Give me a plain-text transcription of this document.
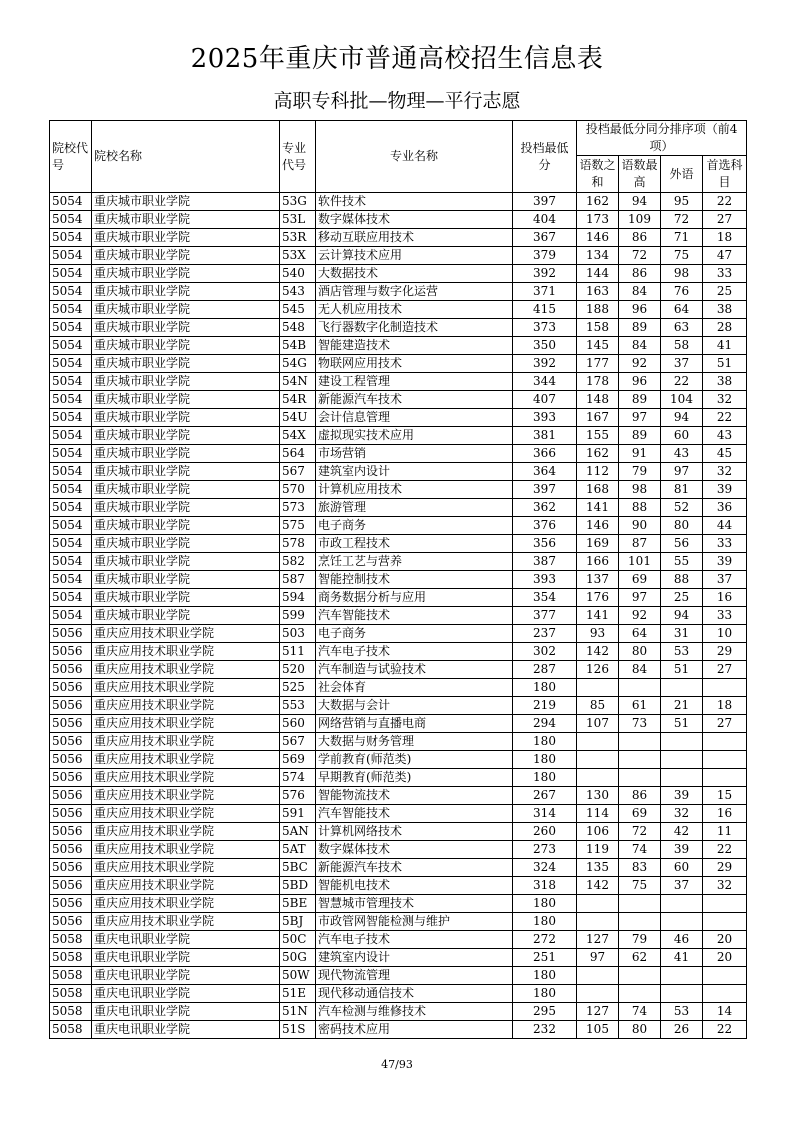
2025年重庆市普通高校招生信息表
高职专科批—物理—平行志愿
院校代号	院校名称	专业代号	专业名称	投档最低分	投档最低分同分排序项（前4项）			
					语数之和	语数最高	外语	首选科目
5054	重庆城市职业学院	53G	软件技术	397	162	94	95	22
5054	重庆城市职业学院	53L	数字媒体技术	404	173	109	72	27
5054	重庆城市职业学院	53R	移动互联应用技术	367	146	86	71	18
5054	重庆城市职业学院	53X	云计算技术应用	379	134	72	75	47
5054	重庆城市职业学院	540	大数据技术	392	144	86	98	33
5054	重庆城市职业学院	543	酒店管理与数字化运营	371	163	84	76	25
5054	重庆城市职业学院	545	无人机应用技术	415	188	96	64	38
5054	重庆城市职业学院	548	飞行器数字化制造技术	373	158	89	63	28
5054	重庆城市职业学院	54B	智能建造技术	350	145	84	58	41
5054	重庆城市职业学院	54G	物联网应用技术	392	177	92	37	51
5054	重庆城市职业学院	54N	建设工程管理	344	178	96	22	38
5054	重庆城市职业学院	54R	新能源汽车技术	407	148	89	104	32
5054	重庆城市职业学院	54U	会计信息管理	393	167	97	94	22
5054	重庆城市职业学院	54X	虚拟现实技术应用	381	155	89	60	43
5054	重庆城市职业学院	564	市场营销	366	162	91	43	45
5054	重庆城市职业学院	567	建筑室内设计	364	112	79	97	32
5054	重庆城市职业学院	570	计算机应用技术	397	168	98	81	39
5054	重庆城市职业学院	573	旅游管理	362	141	88	52	36
5054	重庆城市职业学院	575	电子商务	376	146	90	80	44
5054	重庆城市职业学院	578	市政工程技术	356	169	87	56	33
5054	重庆城市职业学院	582	烹饪工艺与营养	387	166	101	55	39
5054	重庆城市职业学院	587	智能控制技术	393	137	69	88	37
5054	重庆城市职业学院	594	商务数据分析与应用	354	176	97	25	16
5054	重庆城市职业学院	599	汽车智能技术	377	141	92	94	33
5056	重庆应用技术职业学院	503	电子商务	237	93	64	31	10
5056	重庆应用技术职业学院	511	汽车电子技术	302	142	80	53	29
5056	重庆应用技术职业学院	520	汽车制造与试验技术	287	126	84	51	27
5056	重庆应用技术职业学院	525	社会体育	180				
5056	重庆应用技术职业学院	553	大数据与会计	219	85	61	21	18
5056	重庆应用技术职业学院	560	网络营销与直播电商	294	107	73	51	27
5056	重庆应用技术职业学院	567	大数据与财务管理	180				
5056	重庆应用技术职业学院	569	学前教育(师范类)	180				
5056	重庆应用技术职业学院	574	早期教育(师范类)	180				
5056	重庆应用技术职业学院	576	智能物流技术	267	130	86	39	15
5056	重庆应用技术职业学院	591	汽车智能技术	314	114	69	32	16
5056	重庆应用技术职业学院	5AN	计算机网络技术	260	106	72	42	11
5056	重庆应用技术职业学院	5AT	数字媒体技术	273	119	74	39	22
5056	重庆应用技术职业学院	5BC	新能源汽车技术	324	135	83	60	29
5056	重庆应用技术职业学院	5BD	智能机电技术	318	142	75	37	32
5056	重庆应用技术职业学院	5BE	智慧城市管理技术	180				
5056	重庆应用技术职业学院	5BJ	市政管网智能检测与维护	180				
5058	重庆电讯职业学院	50C	汽车电子技术	272	127	79	46	20
5058	重庆电讯职业学院	50G	建筑室内设计	251	97	62	41	20
5058	重庆电讯职业学院	50W	现代物流管理	180				
5058	重庆电讯职业学院	51E	现代移动通信技术	180				
5058	重庆电讯职业学院	51N	汽车检测与维修技术	295	127	74	53	14
5058	重庆电讯职业学院	51S	密码技术应用	232	105	80	26	22
47/93
